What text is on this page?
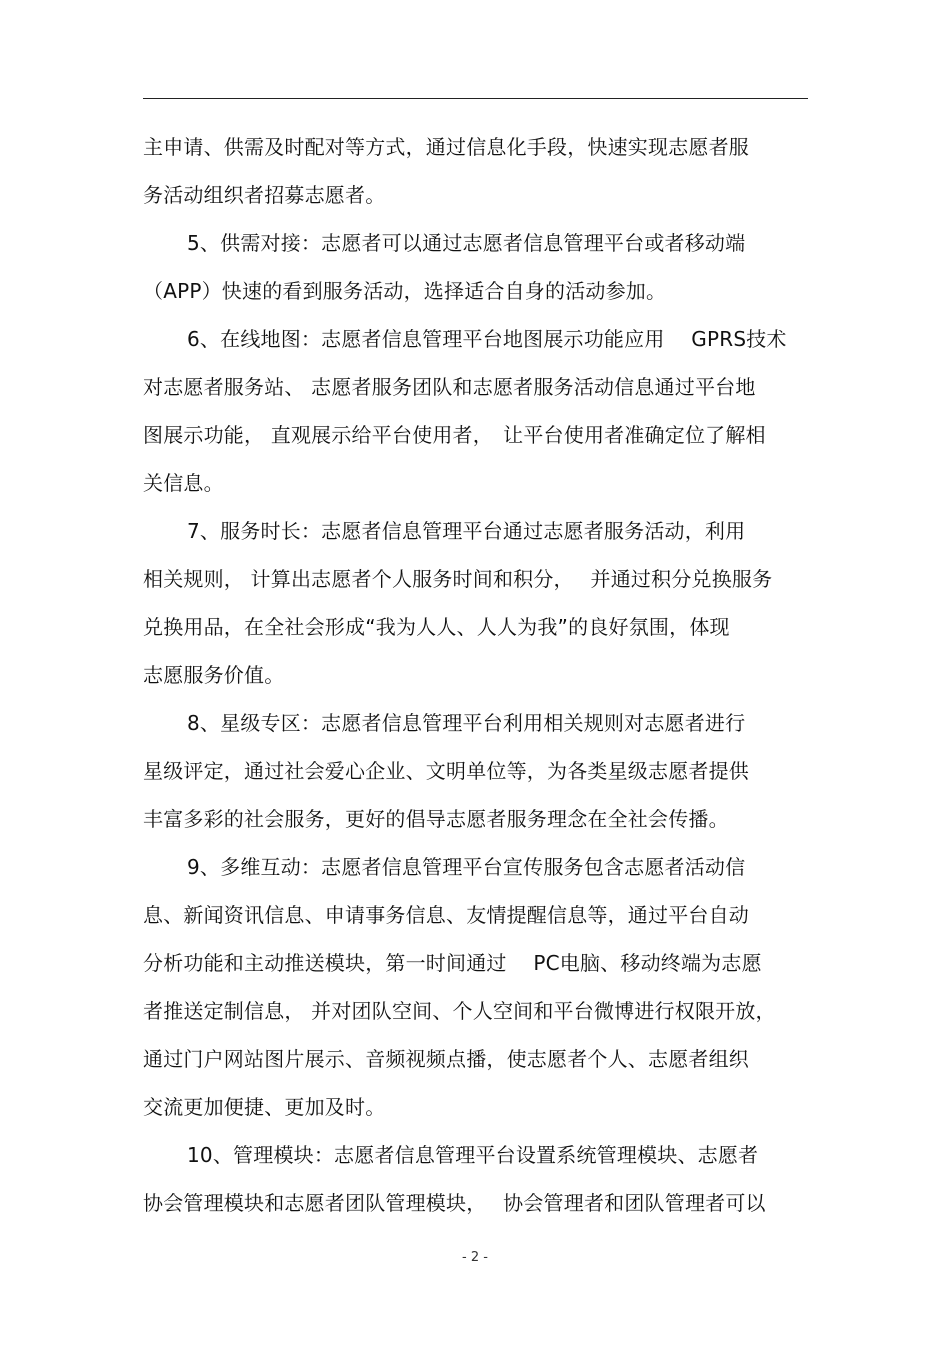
主申请、供需及时配对等方式，通过信息化手段，快速实现志愿者服
务活动组织者招募志愿者。
5、供需对接：志愿者可以通过志愿者信息管理平台或者移动端
（APP）快速的看到服务活动，选择适合自身的活动参加。
6、在线地图：志愿者信息管理平台地图展示功能应用　 GPRS技术
对志愿者服务站、 志愿者服务团队和志愿者服务活动信息通过平台地
图展示功能， 直观展示给平台使用者，　让平台使用者准确定位了解相
关信息。
7、服务时长：志愿者信息管理平台通过志愿者服务活动，利用
相关规则， 计算出志愿者个人服务时间和积分，　 并通过积分兑换服务
兑换用品，在全社会形成“我为人人、人人为我”的良好氛围，体现
志愿服务价值。
8、星级专区：志愿者信息管理平台利用相关规则对志愿者进行
星级评定，通过社会爱心企业、文明单位等，为各类星级志愿者提供
丰富多彩的社会服务，更好的倡导志愿者服务理念在全社会传播。
9、多维互动：志愿者信息管理平台宣传服务包含志愿者活动信
息、新闻资讯信息、申请事务信息、友情提醒信息等，通过平台自动
分析功能和主动推送模块，第一时间通过　 PC电脑、移动终端为志愿
者推送定制信息， 并对团队空间、个人空间和平台微博进行权限开放，
通过门户网站图片展示、音频视频点播，使志愿者个人、志愿者组织
交流更加便捷、更加及时。
10、管理模块：志愿者信息管理平台设置系统管理模块、志愿者
协会管理模块和志愿者团队管理模块，　 协会管理者和团队管理者可以
- 2 -
